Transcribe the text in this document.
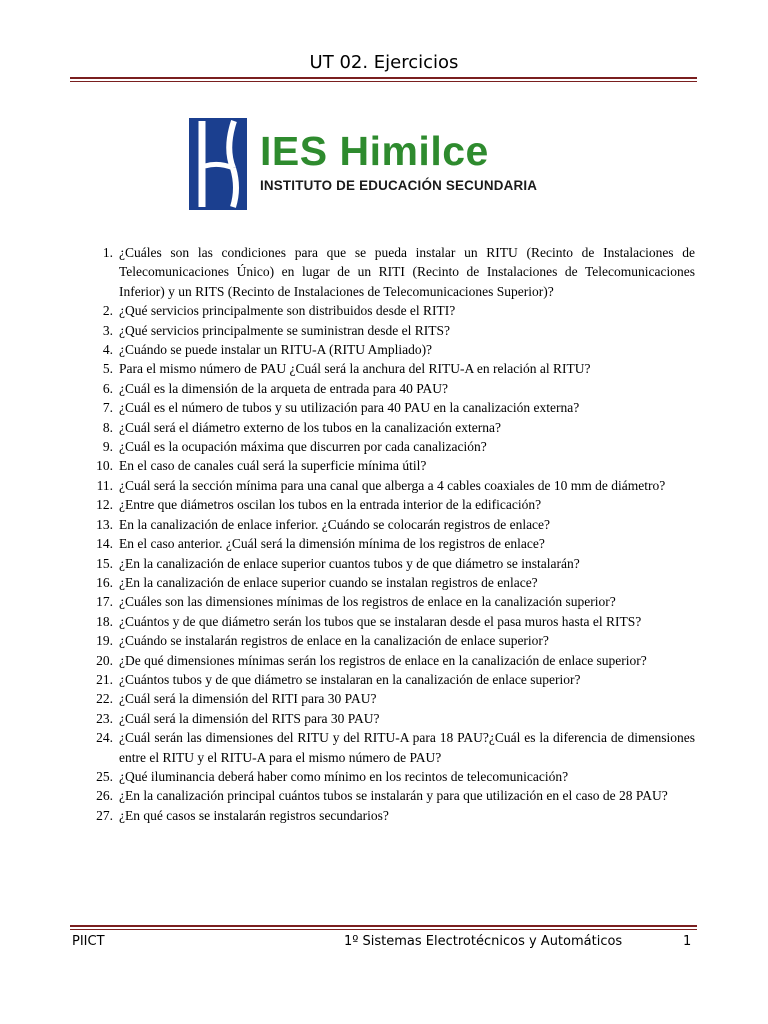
UT 02. Ejercicios
IES Himilce
INSTITUTO DE EDUCACIÓN SECUNDARIA
1. ¿Cuáles son las condiciones para que se pueda instalar un RITU (Recinto de Instalaciones de Telecomunicaciones Único) en lugar de un RITI (Recinto de Instalaciones de Telecomunicaciones Inferior) y un RITS (Recinto de Instalaciones de Telecomunicaciones Superior)?
2. ¿Qué servicios principalmente son distribuidos desde el RITI?
3. ¿Qué servicios principalmente se suministran desde el RITS?
4. ¿Cuándo se puede instalar un RITU-A (RITU Ampliado)?
5. Para el mismo número de PAU ¿Cuál será la anchura del RITU-A en relación al RITU?
6. ¿Cuál es la dimensión de la arqueta de entrada para 40 PAU?
7. ¿Cuál es el número de tubos y su utilización para 40 PAU en la canalización externa?
8. ¿Cuál será el diámetro externo de los tubos en la canalización externa?
9. ¿Cuál es la ocupación máxima que discurren por cada canalización?
10. En el caso de canales cuál será la superficie mínima útil?
11. ¿Cuál será la sección mínima para una canal que alberga a 4 cables coaxiales de 10 mm de diámetro?
12. ¿Entre que diámetros oscilan los tubos en la entrada interior de la edificación?
13. En la canalización de enlace inferior. ¿Cuándo se colocarán registros de enlace?
14. En el caso anterior. ¿Cuál será la dimensión mínima de los registros de enlace?
15. ¿En la canalización de enlace superior cuantos tubos y de que diámetro se instalarán?
16. ¿En la canalización de enlace superior cuando se instalan registros de enlace?
17. ¿Cuáles son las dimensiones mínimas de los registros de enlace en la canalización superior?
18. ¿Cuántos y de que diámetro serán los tubos que se instalaran desde el pasa muros hasta el RITS?
19. ¿Cuándo se instalarán registros de enlace en la canalización de enlace superior?
20. ¿De qué dimensiones mínimas serán los registros de enlace en la canalización de enlace superior?
21. ¿Cuántos tubos y de que diámetro se instalaran en la canalización de enlace superior?
22. ¿Cuál será la dimensión del RITI para 30 PAU?
23. ¿Cuál será la dimensión del RITS para 30 PAU?
24. ¿Cuál serán las dimensiones del RITU y del RITU-A para 18 PAU?¿Cuál es la diferencia de dimensiones entre el RITU y el RITU-A para el mismo número de PAU?
25. ¿Qué iluminancia deberá haber como mínimo en los recintos de telecomunicación?
26. ¿En la canalización principal cuántos tubos se instalarán y para que utilización en el caso de 28 PAU?
27. ¿En qué casos se instalarán registros secundarios?
PIICT	1º Sistemas Electrotécnicos y Automáticos	1
